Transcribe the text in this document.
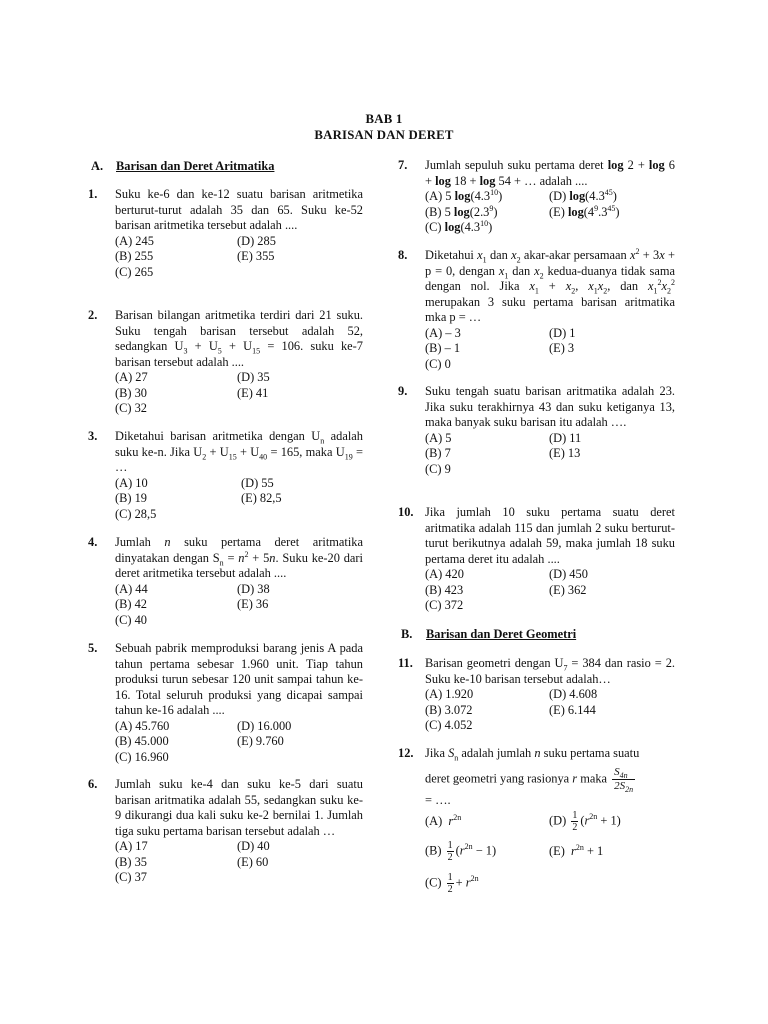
BAB 1
BARISAN DAN DERET
A. Barisan dan Deret Aritmatika
1. Suku ke-6 dan ke-12 suatu barisan aritmetika berturut-turut adalah 35 dan 65. Suku ke-52 barisan aritmetika tersebut adalah ....
(A) 245	(D) 285
(B) 255	(E) 355
(C) 265
2. Barisan bilangan aritmetika terdiri dari 21 suku. Suku tengah barisan tersebut adalah 52, sedangkan $U_3 + U_5 + U_{15} = 106$. suku ke-7 barisan tersebut adalah ....
(A) 27	(D) 35
(B) 30	(E) 41
(C) 32
3. Diketahui barisan aritmetika dengan $U_n$ adalah suku ke-n. Jika $U_2 + U_{15} + U_{40} = 165$, maka $U_{19}$ = …
(A) 10	(D) 55
(B) 19	(E) 82,5
(C) 28,5
4. Jumlah n suku pertama deret aritmatika dinyatakan dengan $S_n = n^2 + 5n$. Suku ke-20 dari deret aritmetika tersebut adalah ....
(A) 44	(D) 38
(B) 42	(E) 36
(C) 40
5. Sebuah pabrik memproduksi barang jenis A pada tahun pertama sebesar 1.960 unit. Tiap tahun produksi turun sebesar 120 unit sampai tahun ke-16. Total seluruh produksi yang dicapai sampai tahun ke-16 adalah ....
(A) 45.760	(D) 16.000
(B) 45.000	(E) 9.760
(C) 16.960
6. Jumlah suku ke-4 dan suku ke-5 dari suatu barisan aritmatika adalah 55, sedangkan suku ke-9 dikurangi dua kali suku ke-2 bernilai 1. Jumlah tiga suku pertama barisan tersebut adalah …
(A) 17	(D) 40
(B) 35	(E) 60
(C) 37
7. Jumlah sepuluh suku pertama deret log 2 + log 6 + log 18 + log 54 + … adalah ....
(A) 5 $\log(4.3^{10})$	(D) $\log(4.3^{45})$
(B) 5 $\log(2.3^9)$	(E) $\log(4^9.3^{45})$
(C) $\log(4.3^{10})$
8. Diketahui $x_1$ dan $x_2$ akar-akar persamaan $x^2 + 3x + p = 0$, dengan $x_1$ dan $x_2$ kedua-duanya tidak sama dengan nol. Jika $x_1 + x_2$, $x_1x_2$, dan $x_1^2x_2^2$ merupakan 3 suku pertama barisan aritmatika mka p = …
(A) – 3	(D) 1
(B) – 1	(E) 3
(C) 0
9. Suku tengah suatu barisan aritmatika adalah 23. Jika suku terakhirnya 43 dan suku ketiganya 13, maka banyak suku barisan itu adalah ….
(A) 5	(D) 11
(B) 7	(E) 13
(C) 9
10. Jika jumlah 10 suku pertama suatu deret aritmatika adalah 115 dan jumlah 2 suku berturut-turut berikutnya adalah 59, maka jumlah 18 suku pertama deret itu adalah ....
(A) 420	(D) 450
(B) 423	(E) 362
(C) 372
B. Barisan dan Deret Geometri
11. Barisan geometri dengan $U_7 = 384$ dan rasio = 2. Suku ke-10 barisan tersebut adalah…
(A) 1.920	(D) 4.608
(B) 3.072	(E) 6.144
(C) 4.052
12. Jika $S_n$ adalah jumlah n suku pertama suatu
deret geometri yang rasionya r maka $\frac{S_{4n}}{2S_{2n}}$
= ….
(A) $r^{2n}$	$(D) \frac{1}{2} (r^{2n} + 1)$
$(B) \frac{1}{2} (r^{2n} - 1)$	(E) $r^{2n} + 1$
$(C) \frac{1}{2} + r^{2n}$
